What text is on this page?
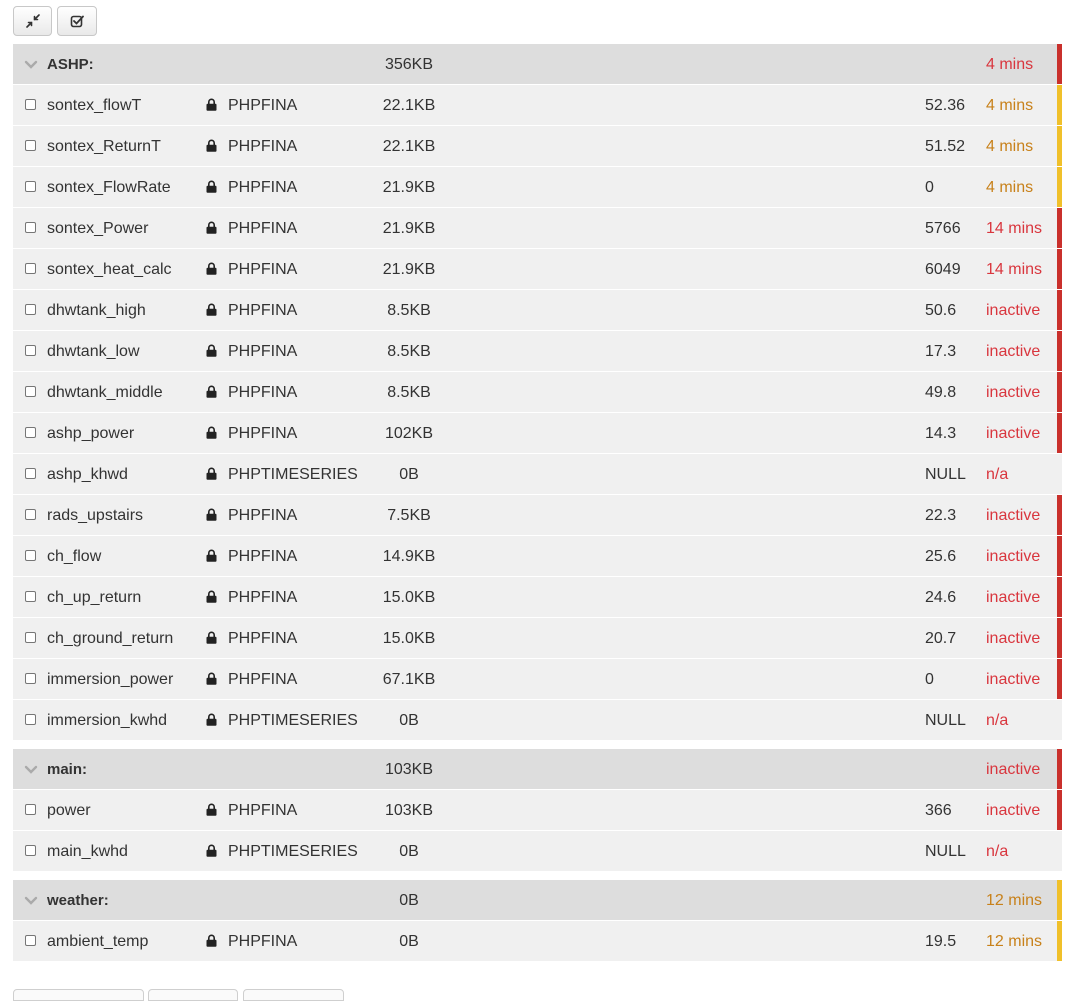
ASHP:	356KB	4 mins
sontex_flowT	PHPFINA	22.1KB	52.36 4 mins
sontex_ReturnT	PHPFINA	22.1KB	51.52 4 mins
sontex_FlowRate	PHPFINA	21.9KB	0	4 mins
sontex_Power	PHPFINA	21.9KB	5766 14 mins
sontex_heat_calc	PHPFINA	21.9KB	6049 14 mins
dhwtank_high	PHPFINA	8.5KB	50.6 inactive
dhwtank_low	PHPFINA	8.5KB	17.3 inactive
dhwtank_middle	PHPFINA	8.5KB	49.8 inactive
ashp_power	PHPFINA	102KB	14.3 inactive
ashp_khwd	PHPTIMESERIES	0B	NULL n/a
rads_upstairs	PHPFINA	7.5KB	22.3 inactive
ch_flow	PHPFINA	14.9KB	25.6 inactive
ch_up_return	PHPFINA	15.0KB	24.6 inactive
ch_ground_return	PHPFINA	15.0KB	20.7 inactive
immersion_power	PHPFINA	67.1KB	0	inactive
immersion_kwhd	PHPTIMESERIES	0B	NULL n/a
main:	103KB	inactive
power	PHPFINA	103KB	366 inactive
main_kwhd	PHPTIMESERIES	0B	NULL n/a
weather:	0B	12 mins
ambient_temp	PHPFINA	0B	19.5 12 mins
